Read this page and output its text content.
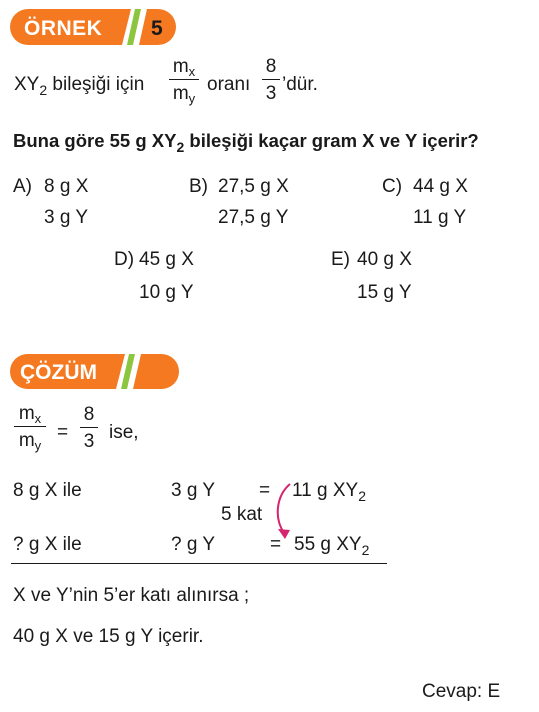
ÖRNEK 5
$XY_2$ bileşiği için
$m_x$
$m_y$
oranı
8
3 ’dür.
Buna göre 55 g $XY_2$ bileşiği kaçar gram X ve Y içerir?
A) 8 g X
3 g Y
B) 27,5 g X
27,5 g Y
C) 44 g X
11 g Y
D) 45 g X
10 g Y
E) 40 g X
15 g Y
ÇÖZÜM
$m_x$
$m_y$
=
8
3 ise,
8 g X ile	3 g Y = 11 g $XY_2$
5 kat
? g X ile	? g Y	= 55 g $XY_2$
X ve Y’nin 5’er katı alınırsa ;
40 g X ve 15 g Y içerir.
Cevap: E
